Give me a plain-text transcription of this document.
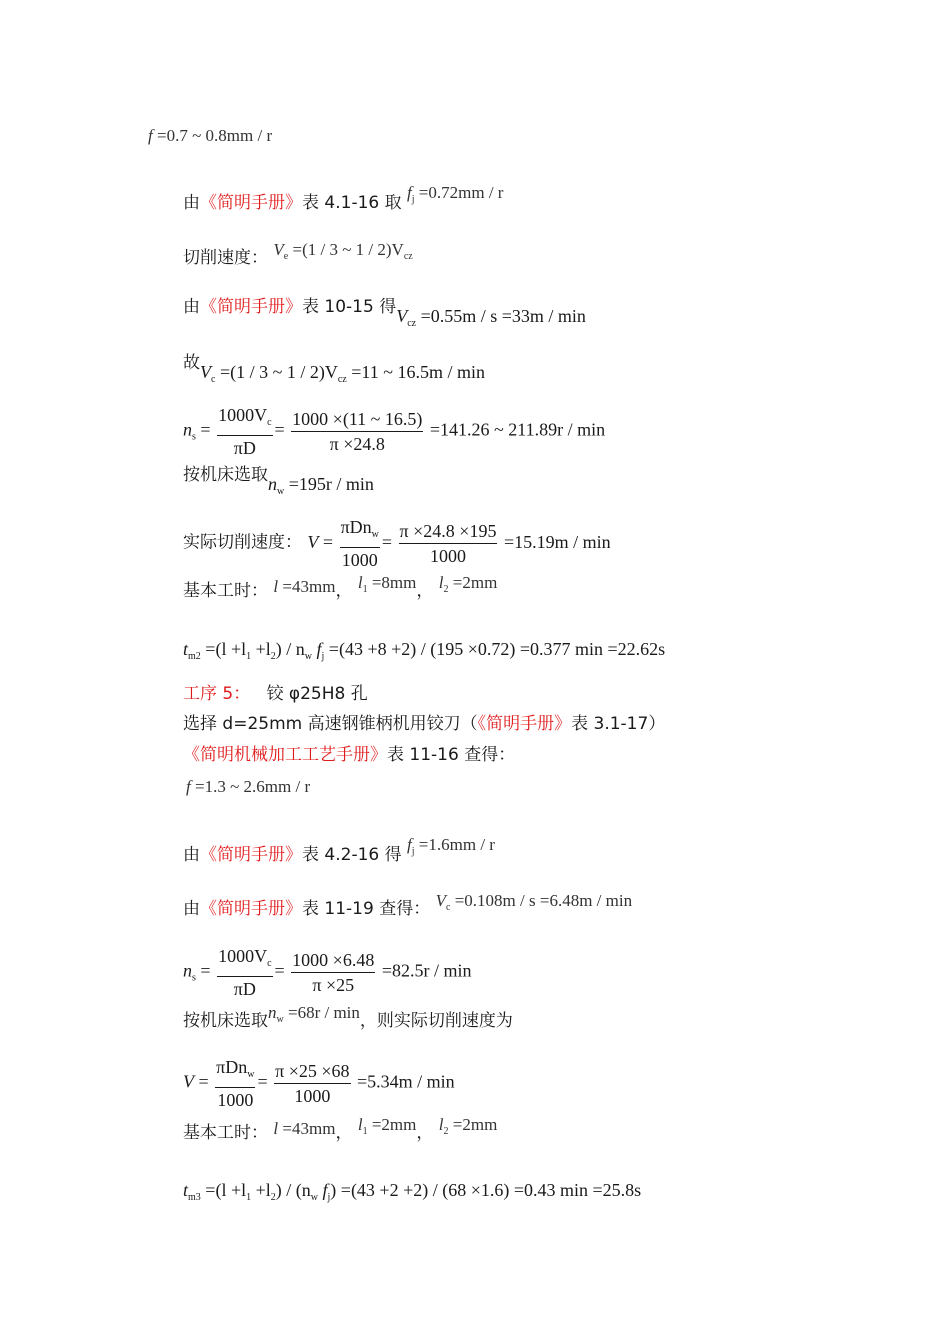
f =0.7 ~ 0.8mm / r
由《简明手册》表 4.1-16 取 $f_j =0.72mm / r$
切削速度： $V_e =(1 / 3$ ~ $1 / 2)V_{cz}$
由《简明手册》表 10-15 得$V_{cz} =0.55m / s =33m / \min$
故$V_c =(1 / 3$ ~ $1 / 2)V_{cz} =11$ ~ 16.5m / min
$n_s = \frac{1000V_c}{\pi D} = \frac{1000 \times(11 \sim 16.5)}{\pi \times 24.8} =141.26$ ~ 211.89r / min
按机床选取$n_w =195r / \min$
实际切削速度： $V = \frac{\pi Dn_w}{1000} = \frac{\pi \times 24.8 \times 195}{1000} =15.19m / \min$
基本工时： l =43mm， $l_1 =8mm$， $l_2 =2mm$
$t_{m2} =(l +l_1 +l_2) / n_w$ $f_j =(43 +8 +2) / (195 \times 0.72) =0.377$ min =22.62s
工序 5： 铰 φ25H8 孔
选择 d=25mm 高速钢锥柄机用铰刀（《简明手册》表 3.1-17）
《简明机械加工工艺手册》表 11-16 查得：
f =1.3 ~ 2.6mm / r
由《简明手册》表 4.2-16 得 $f_j =1.6mm / r$
由《简明手册》表 11-19 查得： $V_c =0.108m / s =6.48m / \min$
$n_s = \frac{1000V_c}{\pi D} = \frac{1000 \times 6.48}{\pi \times 25} =82.5r / \min$
按机床选取$n_w =68r / \min$，则实际切削速度为
$V = \frac{\pi Dn_w}{1000} = \frac{\pi \times 25 \times 68}{1000} =5.34m / \min$
基本工时： l =43mm， $l_1 =2mm$， $l_2 =2mm$
$t_{m3} =(l +l_1 +l_2) / (n_w$ $f_j) =(43 +2 +2) / (68 \times 1.6) =0.43$ min =25.8s
